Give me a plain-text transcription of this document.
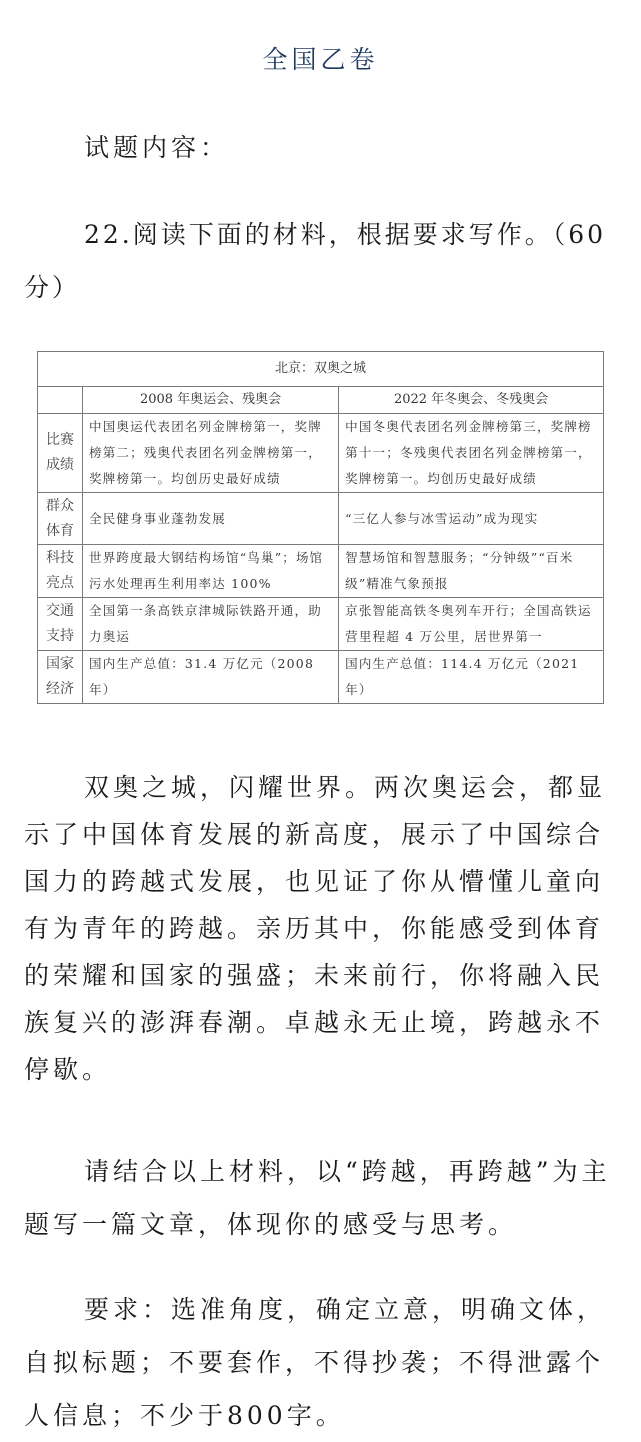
全国乙卷
试题内容：
22.阅读下面的材料，根据要求写作。（60分）
北京：双奥之城		
	2008 年奥运会、残奥会	2022 年冬奥会、冬残奥会
比赛成绩	中国奥运代表团名列金牌榜第一，奖牌榜第二；残奥代表团名列金牌榜第一，奖牌榜第一。均创历史最好成绩	中国冬奥代表团名列金牌榜第三，奖牌榜第十一；冬残奥代表团名列金牌榜第一，奖牌榜第一。均创历史最好成绩
群众体育	全民健身事业蓬勃发展	“三亿人参与冰雪运动”成为现实
科技亮点	世界跨度最大钢结构场馆“鸟巢”；场馆污水处理再生利用率达 100%	智慧场馆和智慧服务；“分钟级”“百米级”精准气象预报
交通支持	全国第一条高铁京津城际铁路开通，助力奥运	京张智能高铁冬奥列车开行；全国高铁运营里程超 4 万公里，居世界第一
国家经济	国内生产总值：31.4 万亿元（2008 年）	国内生产总值：114.4 万亿元（2021 年）
双奥之城，闪耀世界。两次奥运会，都显示了中国体育发展的新高度，展示了中国综合国力的跨越式发展，也见证了你从懵懂儿童向有为青年的跨越。亲历其中，你能感受到体育的荣耀和国家的强盛；未来前行，你将融入民族复兴的澎湃春潮。卓越永无止境，跨越永不停歇。
请结合以上材料，以“跨越，再跨越”为主题写一篇文章，体现你的感受与思考。
要求：选准角度，确定立意，明确文体，自拟标题；不要套作，不得抄袭；不得泄露个人信息；不少于800字。
